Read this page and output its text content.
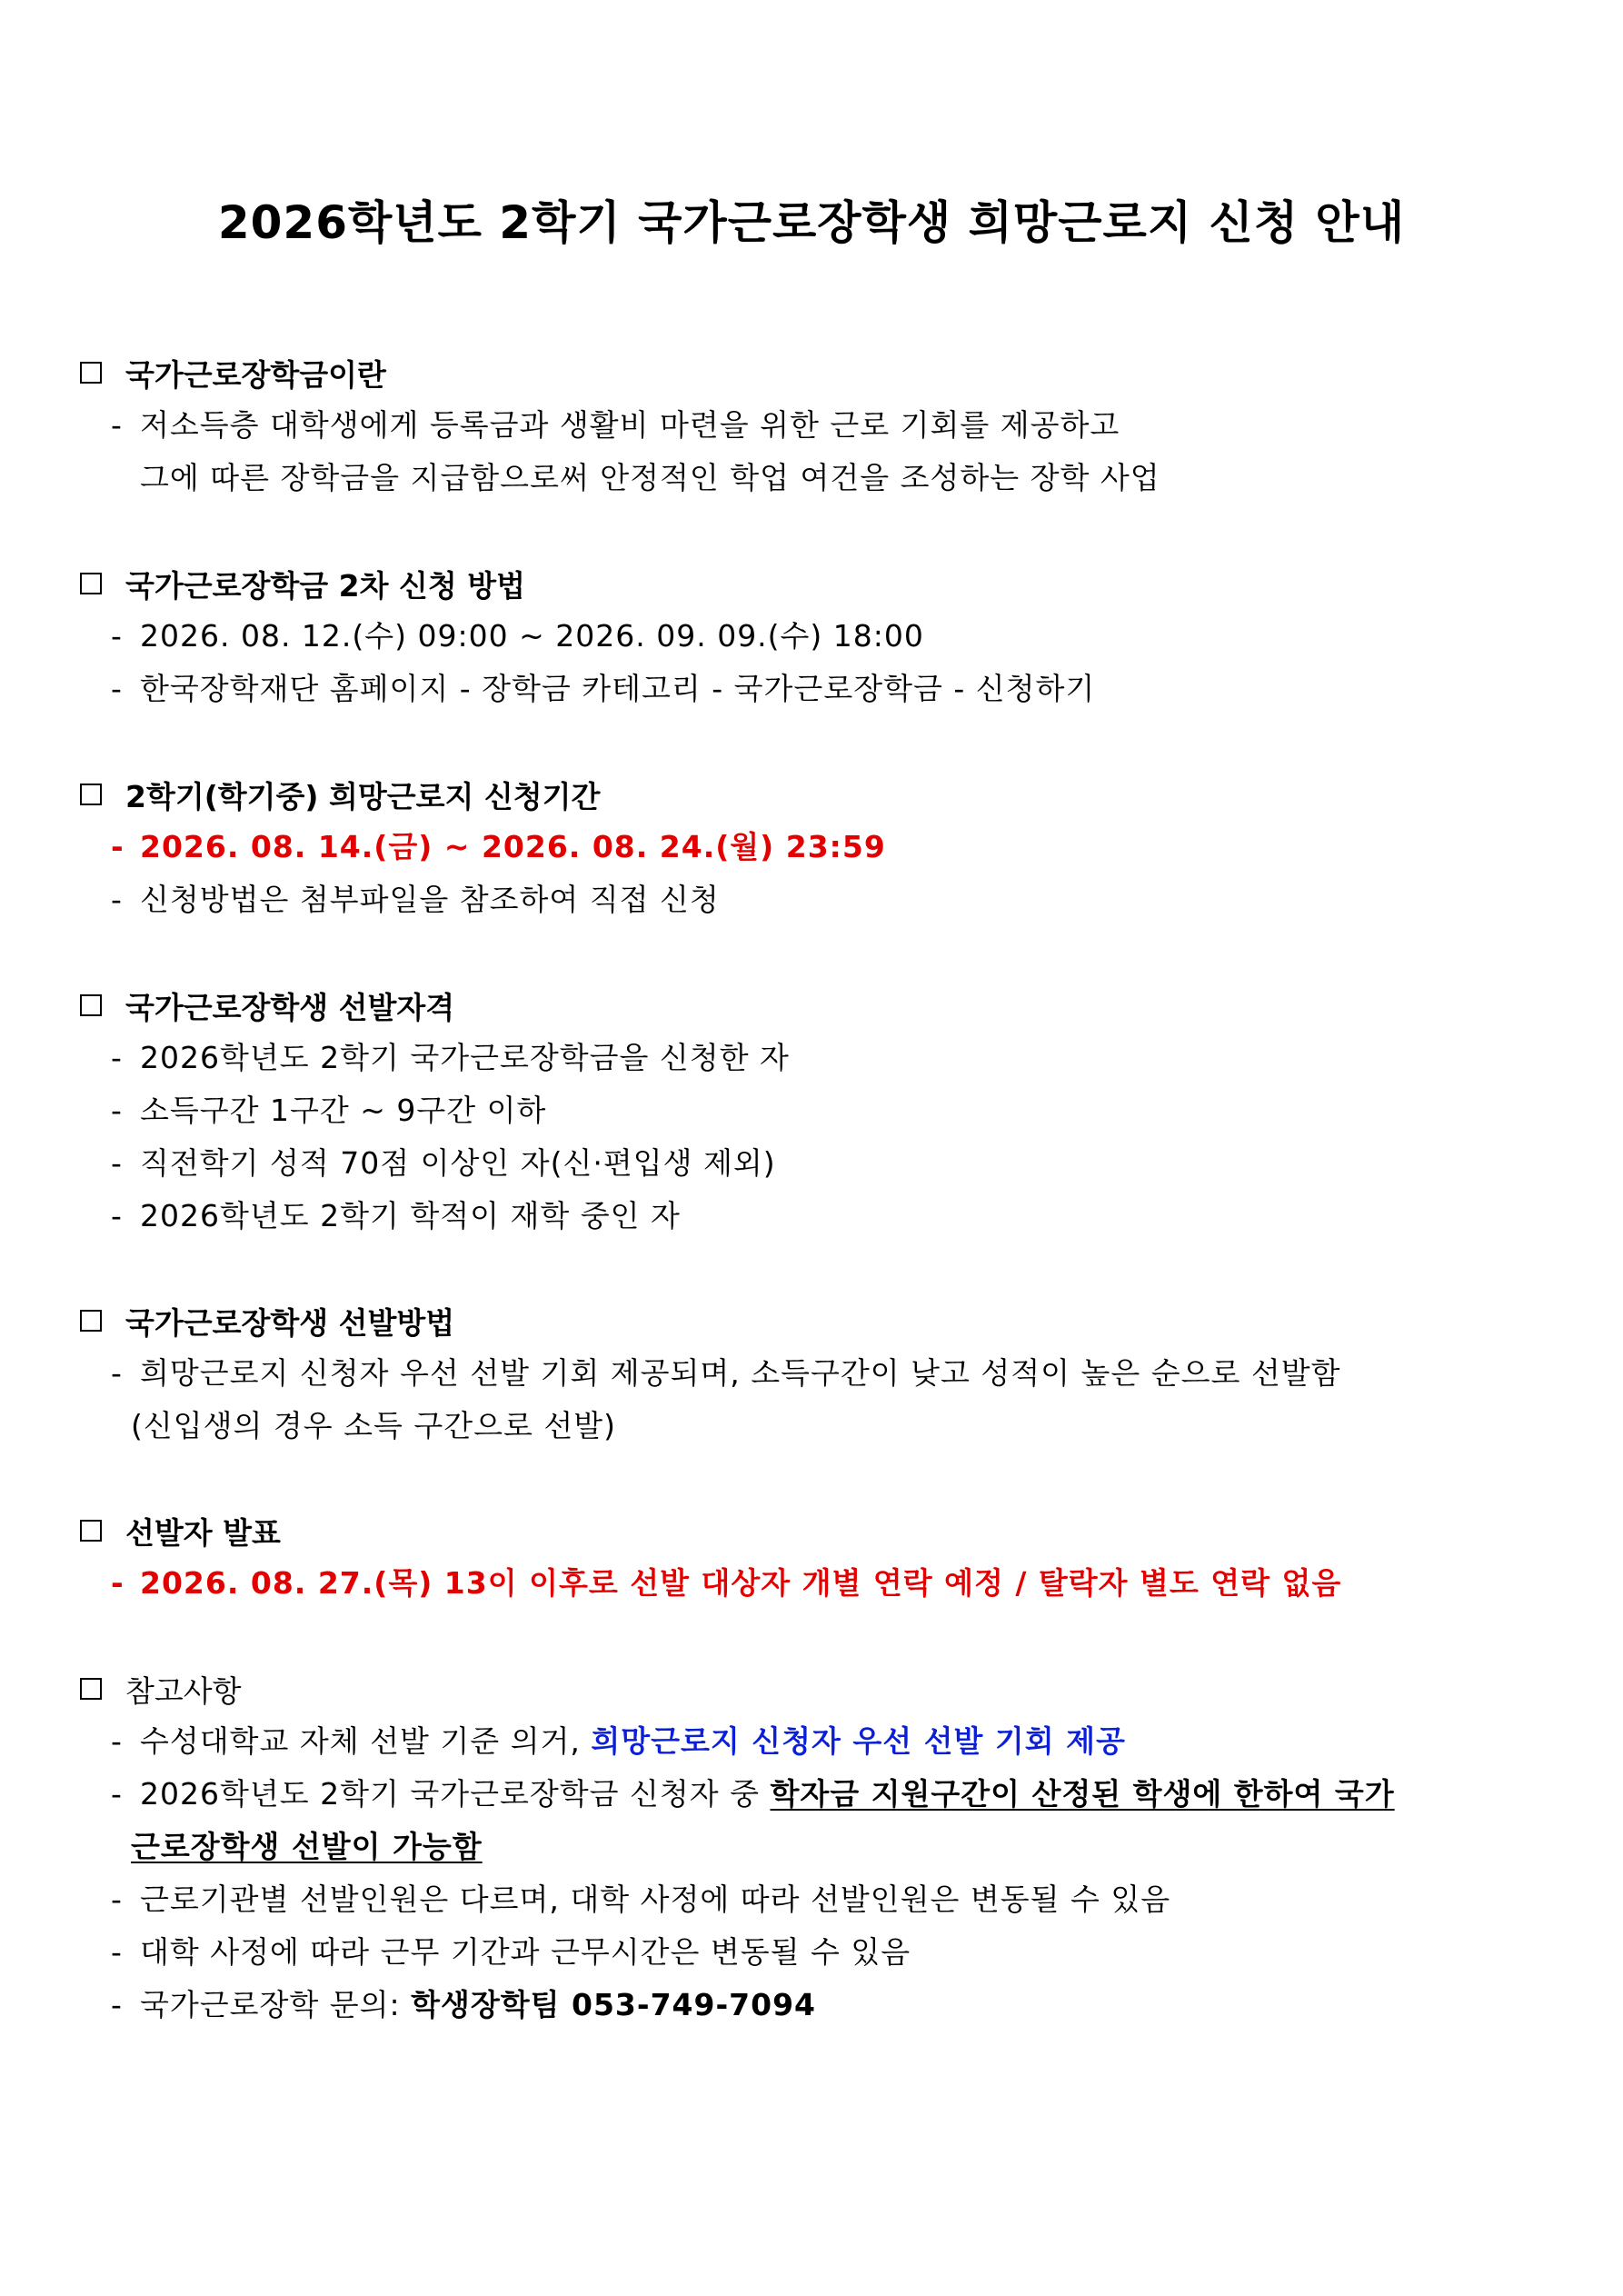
2026학년도 2학기 국가근로장학생 희망근로지 신청 안내
국가근로장학금이란
- 저소득층 대학생에게 등록금과 생활비 마련을 위한 근로 기회를 제공하고
그에 따른 장학금을 지급함으로써 안정적인 학업 여건을 조성하는 장학 사업
국가근로장학금 2차 신청 방법
- 2026. 08. 12.(수) 09:00 ~ 2026. 09. 09.(수) 18:00
- 한국장학재단 홈페이지 - 장학금 카테고리 - 국가근로장학금 - 신청하기
2학기(학기중) 희망근로지 신청기간
- 2026. 08. 14.(금) ~ 2026. 08. 24.(월) 23:59
- 신청방법은 첨부파일을 참조하여 직접 신청
국가근로장학생 선발자격
- 2026학년도 2학기 국가근로장학금을 신청한 자
- 소득구간 1구간 ~ 9구간 이하
- 직전학기 성적 70점 이상인 자(신·편입생 제외)
- 2026학년도 2학기 학적이 재학 중인 자
국가근로장학생 선발방법
- 희망근로지 신청자 우선 선발 기회 제공되며, 소득구간이 낮고 성적이 높은 순으로 선발함
(신입생의 경우 소득 구간으로 선발)
선발자 발표
- 2026. 08. 27.(목) 13이 이후로 선발 대상자 개별 연락 예정 / 탈락자 별도 연락 없음
참고사항
- 수성대학교 자체 선발 기준 의거, 희망근로지 신청자 우선 선발 기회 제공
- 2026학년도 2학기 국가근로장학금 신청자 중 학자금 지원구간이 산정된 학생에 한하여 국가
근로장학생 선발이 가능함
- 근로기관별 선발인원은 다르며, 대학 사정에 따라 선발인원은 변동될 수 있음
- 대학 사정에 따라 근무 기간과 근무시간은 변동될 수 있음
- 국가근로장학 문의: 학생장학팀 053-749-7094
